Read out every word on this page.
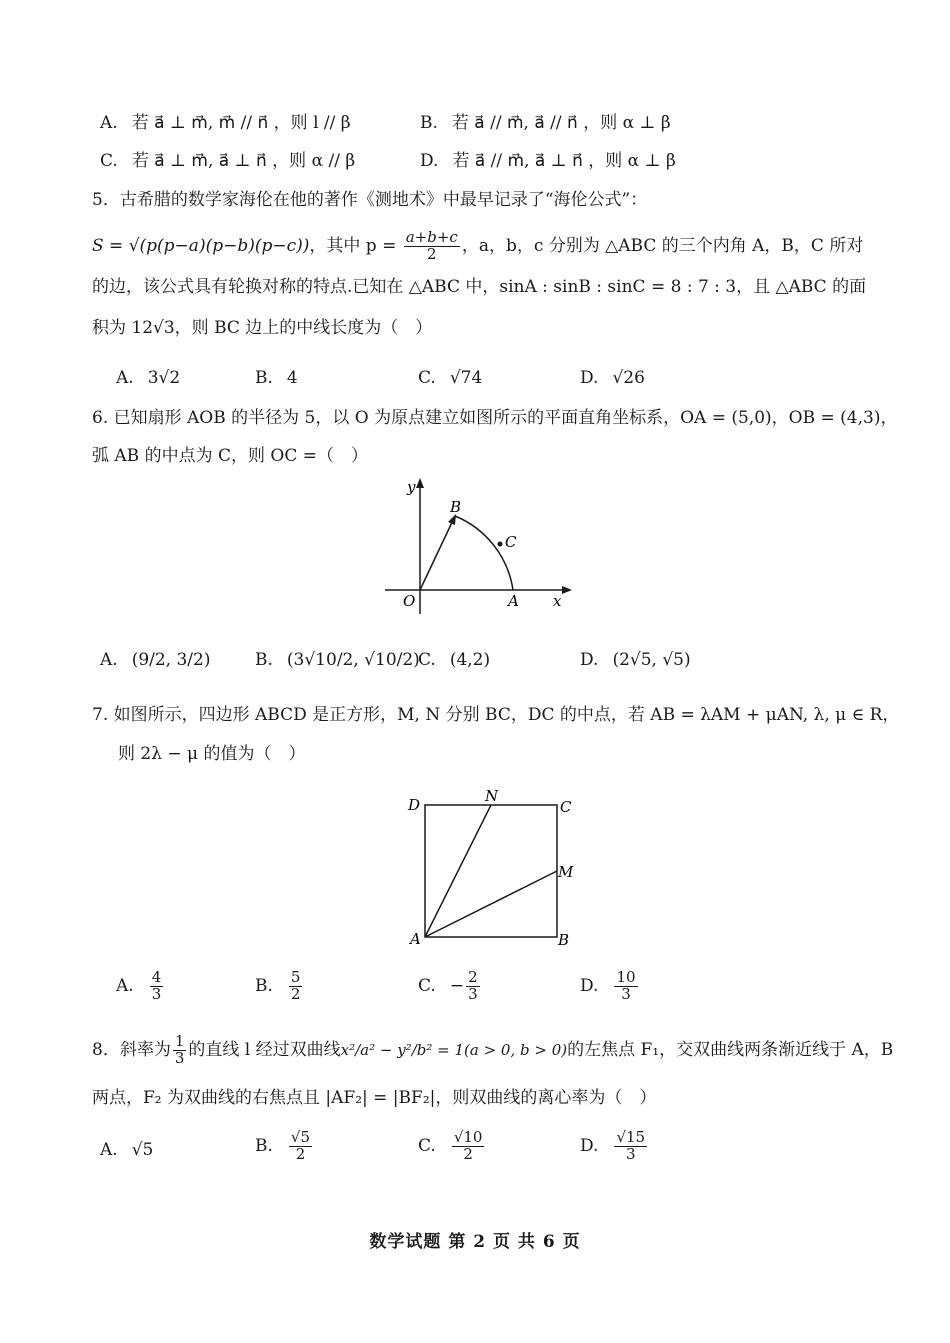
A. 若 a⃗ ⊥ m⃗, m⃗ // n⃗ ，则 l // β	B. 若 a⃗ // m⃗, a⃗ // n⃗ ，则 α ⊥ β
C. 若 a⃗ ⊥ m⃗, a⃗ ⊥ n⃗ ，则 α // β	D. 若 a⃗ // m⃗, a⃗ ⊥ n⃗ ，则 α ⊥ β
5．古希腊的数学家海伦在他的著作《测地术》中最早记录了“海伦公式”：
S = √(p(p−a)(p−b)(p−c))，其中 $p = \frac{a+b+c}{2}$ ，a，b，c 分别为 △ABC 的三个内角 A，B，C 所对
的边，该公式具有轮换对称的特点.已知在 △ABC 中，sinA : sinB : sinC = 8 : 7 : 3，且 △ABC 的面
积为 12√3，则 BC 边上的中线长度为（　）
A. 3√2	B. 4	C. √74	D. √26
6. 已知扇形 AOB 的半径为 5，以 O 为原点建立如图所示的平面直角坐标系，OA = (5,0)，OB = (4,3)，
弧 AB 的中点为 C，则 OC =（　）
y
B
C
O	A x
A. (9/2, 3/2)	B. (3√10/2, √10/2)
C. (4,2)	D. (2√5, √5)
7. 如图所示，四边形 ABCD 是正方形，M, N 分别 BC，DC 的中点，若 AB = λAM + μAN, λ, μ ∈ R，
则 2λ − μ 的值为（　）
D	N
C
M
A	B
A. $\frac{4}{3}$	B. $\frac{5}{2}$	C. − $\frac{2}{3}$	D. $\frac{10}{3}$
8．斜率为 $\frac{1}{3}$ 的直线 l 经过双曲线x²/a² − y²/b² = 1(a > 0, b > 0)的左焦点 F₁，交双曲线两条渐近线于 A，B
两点，F₂ 为双曲线的右焦点且 |AF₂| = |BF₂|，则双曲线的离心率为（　）
A. √5	B. $\frac{√5}{2}$	C. $\frac{√10}{2}$	D. $\frac{√15}{3}$
数学试题 第 2 页 共 6 页
